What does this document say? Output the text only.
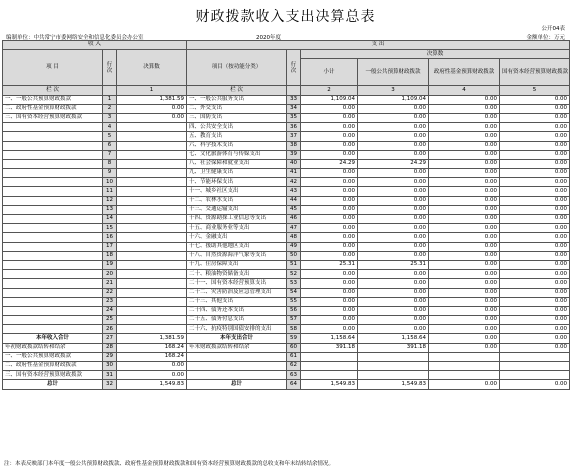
财政拨款收入支出决算总表
公开04表
编制单位：中共常宁市委网络安全和信息化委员会办公室	2020年度	金额单位：万元
收 入			支 出					
项 目	行次	决算数	项目（按功能分类）	行次	决算数			
					小计	一般公共预算财政拨款	政府性基金预算财政拨款	国有资本经营预算财政拨款
栏 次		1	栏 次		2	3	4	5
一、一般公共预算财政拨款	1	1,381.59	一、一般公共服务支出	33	1,109.04	1,109.04	0.00	0.00
二、政府性基金预算财政拨款	2	0.00	二、外交支出	34	0.00	0.00	0.00	0.00
三、国有资本经营预算财政拨款	3	0.00	三、国防支出	35	0.00	0.00	0.00	0.00
	4		四、公共安全支出	36	0.00	0.00	0.00	0.00
	5		五、教育支出	37	0.00	0.00	0.00	0.00
	6		六、科学技术支出	38	0.00	0.00	0.00	0.00
	7		七、文化旅游体育与传媒支出	39	0.00	0.00	0.00	0.00
	8		八、社会保障和就业支出	40	24.29	24.29	0.00	0.00
	9		九、卫生健康支出	41	0.00	0.00	0.00	0.00
	10		十、节能环保支出	42	0.00	0.00	0.00	0.00
	11		十一、城乡社区支出	43	0.00	0.00	0.00	0.00
	12		十二、农林水支出	44	0.00	0.00	0.00	0.00
	13		十三、交通运输支出	45	0.00	0.00	0.00	0.00
	14		十四、资源勘探工业信息等支出	46	0.00	0.00	0.00	0.00
	15		十五、商业服务业等支出	47	0.00	0.00	0.00	0.00
	16		十六、金融支出	48	0.00	0.00	0.00	0.00
	17		十七、援助其他地区支出	49	0.00	0.00	0.00	0.00
	18		十八、自然资源海洋气象等支出	50	0.00	0.00	0.00	0.00
	19		十九、住房保障支出	51	25.31	25.31	0.00	0.00
	20		二十、粮油物资储备支出	52	0.00	0.00	0.00	0.00
	21		二十一、国有资本经营预算支出	53	0.00	0.00	0.00	0.00
	22		二十二、灾害防治及应急管理支出	54	0.00	0.00	0.00	0.00
	23		二十三、其他支出	55	0.00	0.00	0.00	0.00
	24		二十四、债务还本支出	56	0.00	0.00	0.00	0.00
	25		二十五、债务付息支出	57	0.00	0.00	0.00	0.00
	26		二十六、抗疫特别国债安排的支出	58	0.00	0.00	0.00	0.00
本年收入合计	27	1,381.59	本年支出合计	59	1,158.64	1,158.64	0.00	0.00
年初财政拨款结转和结余	28	168.24	年末财政拨款结转和结余	60	391.18	391.18	0.00	0.00
一、一般公共预算财政拨款	29	168.24		61				
二、政府性基金预算财政拨款	30	0.00		62				
三、国有资本经营预算财政拨款	31	0.00		63				
总计	32	1,549.83	总计	64	1,549.83	1,549.83	0.00	0.00
注：本表反映部门本年度一般公共预算财政拨款、政府性基金预算财政拨款和国有资本经营预算财政拨款的总收支和年末结转结余情况。
